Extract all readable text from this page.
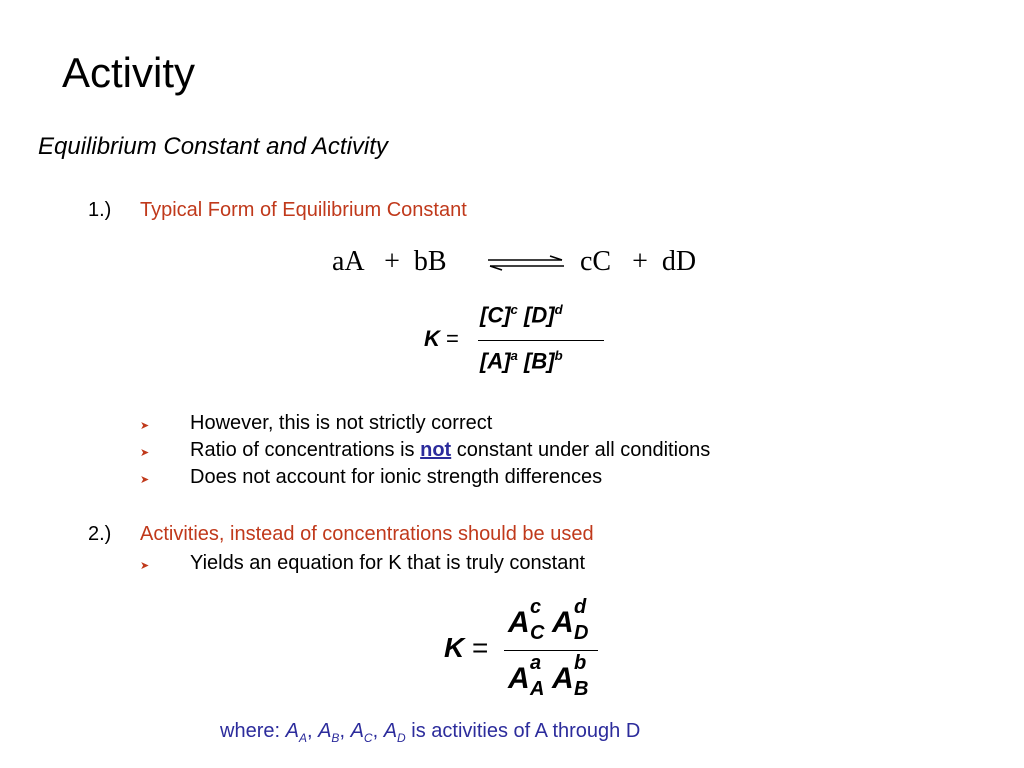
Activity
Equilibrium Constant and Activity
1.) Typical Form of Equilibrium Constant
aA   +  bB	cC   +  dD
K =
$[C]^c$ $[D]^d$
$[A]^a$ $[B]^b$
➤ However, this is not strictly correct
➤ Ratio of concentrations is not constant under all conditions
➤ Does not account for ionic strength differences
2.) Activities, instead of concentrations should be used
➤ Yields an equation for K that is truly constant
K =
A c
C A d
D
A a
A A b
B
where: $A_A$, $A_B$, $A_C$, $A_D$ is activities of A through D
